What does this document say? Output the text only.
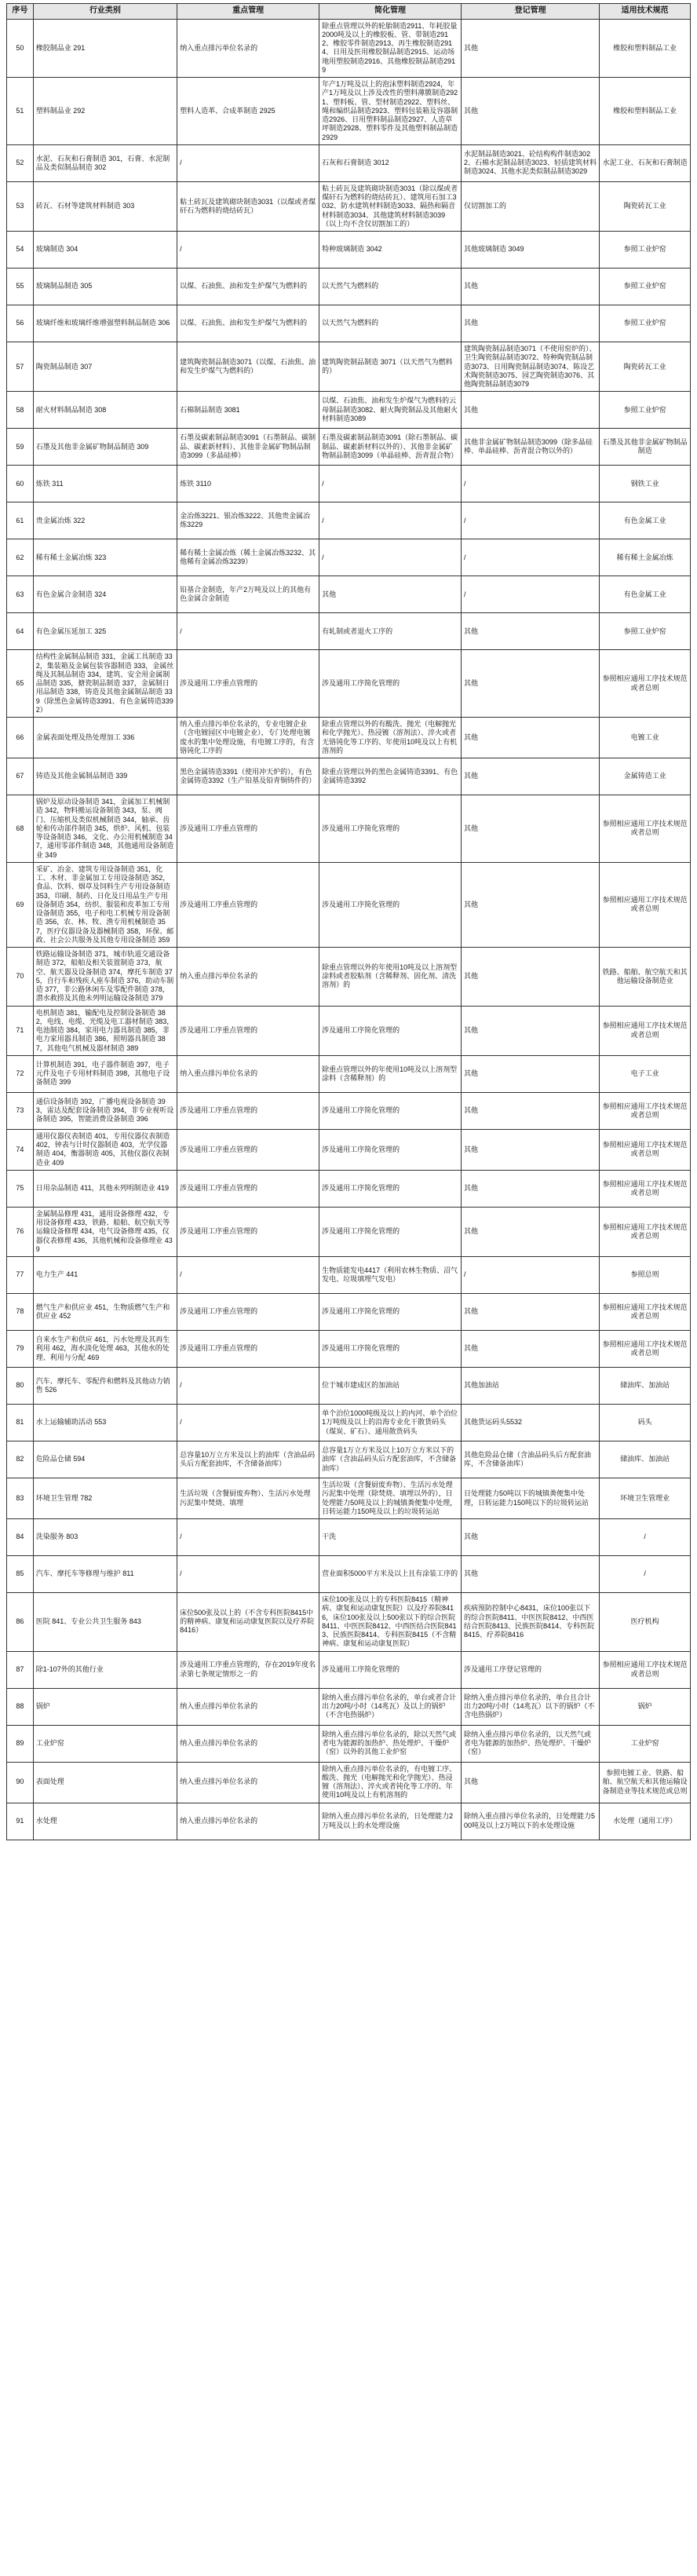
序号	行业类别	重点管理	简化管理	登记管理	适用技术规范
50	橡胶制品业 291	纳入重点排污单位名录的	除重点管理以外的轮胎制造2911、年耗胶量2000吨及以上的橡胶板、管、带制造2912、橡胶零件制造2913、再生橡胶制造2914、日用及医用橡胶制品制造2915、运动场地用塑胶制造2916、其他橡胶制品制造2919	其他	橡胶和塑料制品工业
51	塑料制品业 292	塑料人造革、合成革制造 2925	年产1万吨及以上的泡沫塑料制造2924，年产1万吨及以上涉及改性的塑料薄膜制造2921、塑料板、管、型材制造2922、塑料丝、绳和编织品制造2923、塑料包装箱及容器制造2926、日用塑料制品制造2927、人造草坪制造2928、塑料零件及其他塑料制品制造2929	其他	橡胶和塑料制品工业
52	水泥、石灰和石膏制造 301，石膏、水泥制品及类似制品制造 302	/	石灰和石膏制造 3012	水泥制品制造3021、砼结构构件制造3022、石棉水泥制品制造3023、轻质建筑材料制造3024、其他水泥类似制品制造3029	水泥工业、石灰和石膏制造
53	砖瓦、石材等建筑材料制造 303	粘土砖瓦及建筑砌块制造3031（以煤或者煤矸石为燃料的烧结砖瓦）	粘土砖瓦及建筑砌块制造3031（除以煤或者煤矸石为燃料的烧结砖瓦）、建筑用石加工3032、防水建筑材料制造3033、隔热和隔音材料制造3034、其他建筑材料制造3039（以上均不含仅切割加工的）	仅切割加工的	陶瓷砖瓦工业
54	玻璃制造 304	/	特种玻璃制造 3042	其他玻璃制造 3049	参照工业炉窑
55	玻璃制品制造 305	以煤、石油焦、油和发生炉煤气为燃料的	以天然气为燃料的	其他	参照工业炉窑
56	玻璃纤维和玻璃纤维增强塑料制品制造 306	以煤、石油焦、油和发生炉煤气为燃料的	以天然气为燃料的	其他	参照工业炉窑
57	陶瓷制品制造 307	建筑陶瓷制品制造3071（以煤、石油焦、油和发生炉煤气为燃料的）	建筑陶瓷制品制造 3071（以天然气为燃料的）	建筑陶瓷制品制造3071（不使用窑炉的）、卫生陶瓷制品制造3072、特种陶瓷制品制造3073、日用陶瓷制品制造3074、陈设艺术陶瓷制造3075、园艺陶瓷制造3076、其他陶瓷制品制造3079	陶瓷砖瓦工业
58	耐火材料制品制造 308	石棉制品制造 3081	以煤、石油焦、油和发生炉煤气为燃料的云母制品制造3082、耐火陶瓷制品及其他耐火材料制造3089	其他	参照工业炉窑
59	石墨及其他非金属矿物制品制造 309	石墨及碳素制品制造3091（石墨制品、碳制品、碳素新材料）、其他非金属矿物制品制造3099（多晶硅棒）	石墨及碳素制品制造3091（除石墨制品、碳制品、碳素新材料以外的）、其他非金属矿物制品制造3099（单晶硅棒、沥青混合物）	其他非金属矿物制品制造3099（除多晶硅棒、单晶硅棒、沥青混合物以外的）	石墨及其他非金属矿物制品制造
60	炼铁 311	炼铁 3110	/	/	钢铁工业
61	贵金属冶炼 322	金冶炼3221、银冶炼3222、其他贵金属冶炼3229	/	/	有色金属工业
62	稀有稀土金属冶炼 323	稀有稀土金属冶炼（稀土金属冶炼3232、其他稀有金属冶炼3239）	/	/	稀有稀土金属冶炼
63	有色金属合金制造 324	铅基合金制造，年产2万吨及以上的其他有色金属合金制造	其他	/	有色金属工业
64	有色金属压延加工 325	/	有轧制或者退火工序的	其他	参照工业炉窑
65	结构性金属制品制造 331，金属工具制造 332，集装箱及金属包装容器制造 333，金属丝绳及其制品制造 334，建筑、安全用金属制品制造 335，搪瓷制品制造 337，金属制日用品制造 338，铸造及其他金属制品制造 339（除黑色金属铸造3391、有色金属铸造3392）	涉及通用工序重点管理的	涉及通用工序简化管理的	其他	参照相应通用工序技术规范或者总则
66	金属表面处理及热处理加工 336	纳入重点排污单位名录的，专业电镀企业（含电镀园区中电镀企业），专门处理电镀废水的集中处理设施，有电镀工序的，有含铬钝化工序的	除重点管理以外的有酸洗、抛光（电解抛光和化学抛光）、热浸镀（溶剂法）、淬火或者无铬钝化等工序的、年使用10吨及以上有机溶剂的	其他	电镀工业
67	铸造及其他金属制品制造 339	黑色金属铸造3391（使用冲天炉的），有色金属铸造3392（生产铅基及铅青铜铸件的）	除重点管理以外的黑色金属铸造3391、有色金属铸造3392	其他	金属铸造工业
68	锅炉及原动设备制造 341，金属加工机械制造 342，物料搬运设备制造 343，泵、阀门、压缩机及类似机械制造 344，轴承、齿轮和传动部件制造 345，烘炉、风机、包装等设备制造 346，文化、办公用机械制造 347，通用零部件制造 348，其他通用设备制造业 349	涉及通用工序重点管理的	涉及通用工序简化管理的	其他	参照相应通用工序技术规范或者总则
69	采矿、冶金、建筑专用设备制造 351，化工、木材、非金属加工专用设备制造 352，食品、饮料、烟草及饲料生产专用设备制造 353，印刷、制药、日化及日用品生产专用设备制造 354，纺织、服装和皮革加工专用设备制造 355，电子和电工机械专用设备制造 356，农、林、牧、渔专用机械制造 357，医疗仪器设备及器械制造 358，环保、邮政、社会公共服务及其他专用设备制造 359	涉及通用工序重点管理的	涉及通用工序简化管理的	其他	参照相应通用工序技术规范或者总则
70	铁路运输设备制造 371，城市轨道交通设备制造 372，船舶及相关装置制造 373，航空、航天器及设备制造 374，摩托车制造 375，自行车和残疾人座车制造 376，助动车制造 377，非公路休闲车及零配件制造 378，潜水救捞及其他未列明运输设备制造 379	纳入重点排污单位名录的	除重点管理以外的年使用10吨及以上溶剂型涂料或者胶粘剂（含稀释剂、固化剂、清洗溶剂）的	其他	铁路、船舶、航空航天和其他运输设备制造业
71	电机制造 381，输配电及控制设备制造 382，电线、电缆、光缆及电工器材制造 383，电池制造 384，家用电力器具制造 385，非电力家用器具制造 386，照明器具制造 387，其他电气机械及器材制造 389	涉及通用工序重点管理的	涉及通用工序简化管理的	其他	参照相应通用工序技术规范或者总则
72	计算机制造 391，电子器件制造 397，电子元件及电子专用材料制造 398，其他电子设备制造 399	纳入重点排污单位名录的	除重点管理以外的年使用10吨及以上溶剂型涂料（含稀释剂）的	其他	电子工业
73	通信设备制造 392，广播电视设备制造 393，雷达及配套设备制造 394，非专业视听设备制造 395，智能消费设备制造 396	涉及通用工序重点管理的	涉及通用工序简化管理的	其他	参照相应通用工序技术规范或者总则
74	通用仪器仪表制造 401，专用仪器仪表制造 402，钟表与计时仪器制造 403，光学仪器制造 404，衡器制造 405，其他仪器仪表制造业 409	涉及通用工序重点管理的	涉及通用工序简化管理的	其他	参照相应通用工序技术规范或者总则
75	日用杂品制造 411，其他未列明制造业 419	涉及通用工序重点管理的	涉及通用工序简化管理的	其他	参照相应通用工序技术规范或者总则
76	金属制品修理 431，通用设备修理 432，专用设备修理 433，铁路、船舶、航空航天等运输设备修理 434，电气设备修理 435，仪器仪表修理 436，其他机械和设备修理业 439	涉及通用工序重点管理的	涉及通用工序简化管理的	其他	参照相应通用工序技术规范或者总则
77	电力生产 441	/	生物质能发电4417（利用农林生物质、沼气发电、垃圾填埋气发电）	/	参照总则
78	燃气生产和供应业 451，生物质燃气生产和供应业 452	涉及通用工序重点管理的	涉及通用工序简化管理的	其他	参照相应通用工序技术规范或者总则
79	自来水生产和供应 461，污水处理及其再生利用 462，海水淡化处理 463，其他水的处理、利用与分配 469	涉及通用工序重点管理的	涉及通用工序简化管理的	其他	参照相应通用工序技术规范或者总则
80	汽车、摩托车、零配件和燃料及其他动力销售 526	/	位于城市建成区的加油站	其他加油站	储油库、加油站
81	水上运输辅助活动 553	/	单个泊位1000吨级及以上的内河、单个泊位1万吨级及以上的沿海专业化干散货码头（煤炭、矿石）、通用散货码头	其他货运码头5532	码头
82	危险品仓储 594	总容量10万立方米及以上的油库（含油品码头后方配套油库，不含储备油库）	总容量1万立方米及以上10万立方米以下的油库（含油品码头后方配套油库，不含储备油库）	其他危险品仓储（含油品码头后方配套油库，不含储备油库）	储油库、加油站
83	环境卫生管理 782	生活垃圾（含餐厨废弃物）、生活污水处理污泥集中焚烧、填埋	生活垃圾（含餐厨废弃物）、生活污水处理污泥集中处理（除焚烧、填埋以外的），日处理能力50吨及以上的城镇粪便集中处理，日转运能力150吨及以上的垃圾转运站	日处理能力50吨以下的城镇粪便集中处理，日转运能力150吨以下的垃圾转运站	环境卫生管理业
84	洗染服务 803	/	干洗	其他	/
85	汽车、摩托车等修理与维护 811	/	营业面积5000平方米及以上且有涂装工序的	其他	/
86	医院 841、专业公共卫生服务 843	床位500张及以上的（不含专科医院8415中的精神病、康复和运动康复医院以及疗养院8416）	床位100张及以上的专科医院8415（精神病、康复和运动康复医院）以及疗养院8416，床位100张及以上500张以下的综合医院8411、中医医院8412、中西医结合医院8413、民族医院8414、专科医院8415（不含精神病、康复和运动康复医院）	疾病预防控制中心8431，床位100张以下的综合医院8411、中医医院8412、中西医结合医院8413、民族医院8414、专科医院8415、疗养院8416	医疗机构
87	除1-107外的其他行业	涉及通用工序重点管理的，存在2019年度名录第七条规定情形之一的	涉及通用工序简化管理的	涉及通用工序登记管理的	参照相应通用工序技术规范或者总则
88	锅炉	纳入重点排污单位名录的	除纳入重点排污单位名录的，单台或者合计出力20吨/小时（14兆瓦）及以上的锅炉（不含电热锅炉）	除纳入重点排污单位名录的，单台且合计出力20吨/小时（14兆瓦）以下的锅炉（不含电热锅炉）	锅炉
89	工业炉窑	纳入重点排污单位名录的	除纳入重点排污单位名录的，除以天然气或者电为能源的加热炉、热处理炉、干燥炉（窑）以外的其他工业炉窑	除纳入重点排污单位名录的，以天然气或者电为能源的加热炉、热处理炉、干燥炉（窑）	工业炉窑
90	表面处理	纳入重点排污单位名录的	除纳入重点排污单位名录的，有电镀工序、酸洗、抛光（电解抛光和化学抛光）、热浸镀（溶剂法）、淬火或者钝化等工序的、年使用10吨及以上有机溶剂的	其他	参照电镀工业、铁路、船舶、航空航天和其他运输设备制造业等技术规范或总则
91	水处理	纳入重点排污单位名录的	除纳入重点排污单位名录的，日处理能力2万吨及以上的水处理设施	除纳入重点排污单位名录的，日处理能力500吨及以上2万吨以下的水处理设施	水处理（通用工序）
